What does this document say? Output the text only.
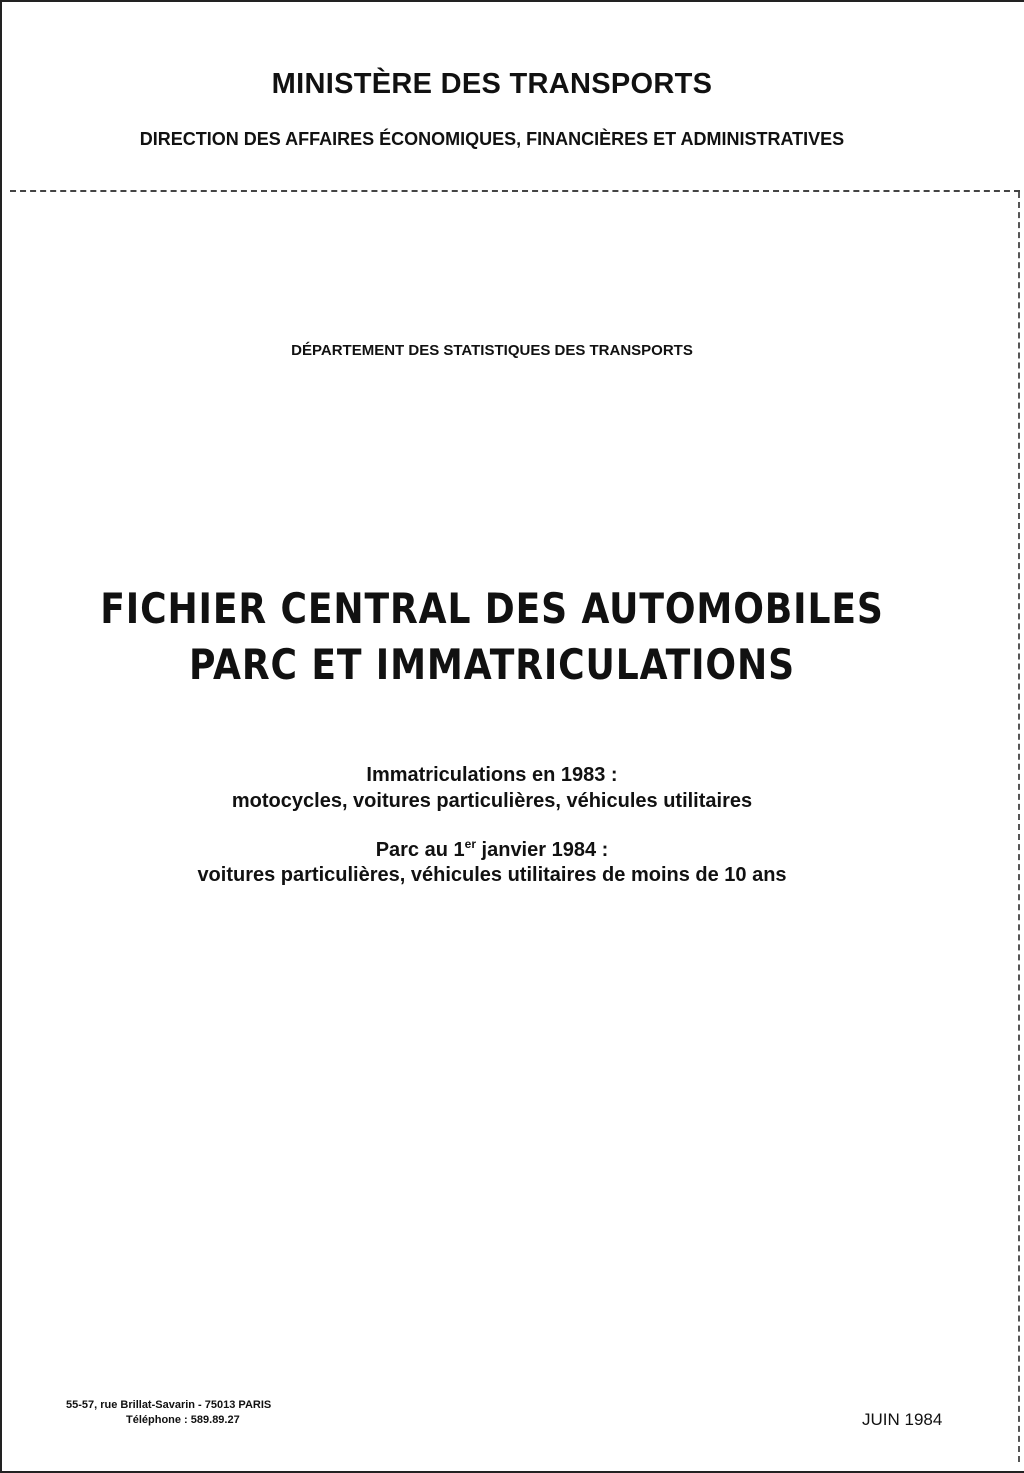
MINISTÈRE DES TRANSPORTS
DIRECTION DES AFFAIRES ÉCONOMIQUES, FINANCIÈRES ET ADMINISTRATIVES
DÉPARTEMENT DES STATISTIQUES DES TRANSPORTS
FICHIER CENTRAL DES AUTOMOBILES
PARC ET IMMATRICULATIONS
Immatriculations en 1983 :
motocycles, voitures particulières, véhicules utilitaires
Parc au 1er janvier 1984 :
voitures particulières, véhicules utilitaires de moins de 10 ans
55-57, rue Brillat-Savarin - 75013 PARIS
Téléphone : 589.89.27	JUIN 1984
